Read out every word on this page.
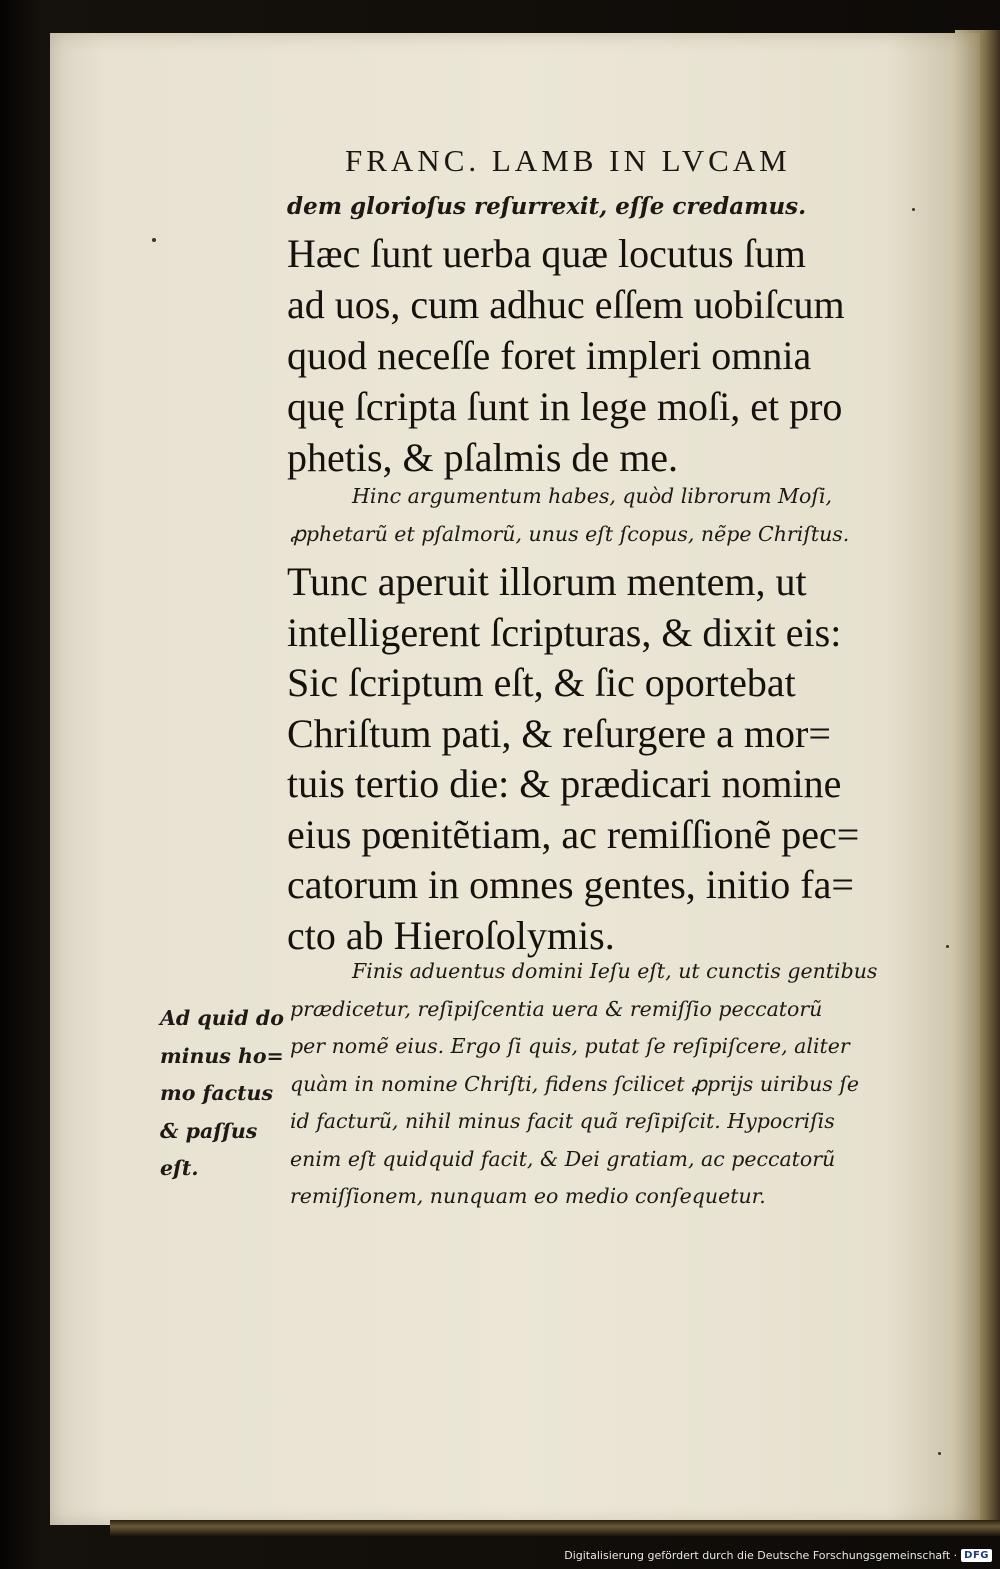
FRANC. LAMB IN LVCAM
dem glorioſus reſurrexit, eſſe credamus.
Hæc ſunt uerba quæ locutus ſum
ad uos, cum adhuc eſſem uobiſcum
quod neceſſe foret impleri omnia
quę ſcripta ſunt in lege moſi, et pro
phetis, & pſalmis de me.
Hinc argumentum habes, quòd librorum Moſi,
ꝓphetarũ et pſalmorũ, unus eſt ſcopus, nẽpe Chriſtus.
Tunc aperuit illorum mentem, ut
intelligerent ſcripturas, & dixit eis:
Sic ſcriptum eſt, & ſic oportebat
Chriſtum pati, & reſurgere a mor=
tuis tertio die: & prædicari nomine
eius pœnitẽtiam, ac remiſſionẽ pec=
catorum in omnes gentes, initio fa=
cto ab Hieroſolymis.
Finis aduentus domini Ieſu eſt, ut cunctis gentibus
prædicetur, reſipiſcentia uera & remiſſio peccatorũ
per nomẽ eius. Ergo ſi quis, putat ſe reſipiſcere, aliter
quàm in nomine Chriſti, fidens ſcilicet ꝓprijs uiribus ſe
id facturũ, nihil minus facit quã reſipiſcit. Hypocriſis
enim eſt quidquid facit, & Dei gratiam, ac peccatorũ
remiſſionem, nunquam eo medio conſequetur.
Ad quid do
minus ho=
mo factus
& paſſus
eſt.
Digitalisierung gefördert durch die Deutsche Forschungsgemeinschaft · DFG
